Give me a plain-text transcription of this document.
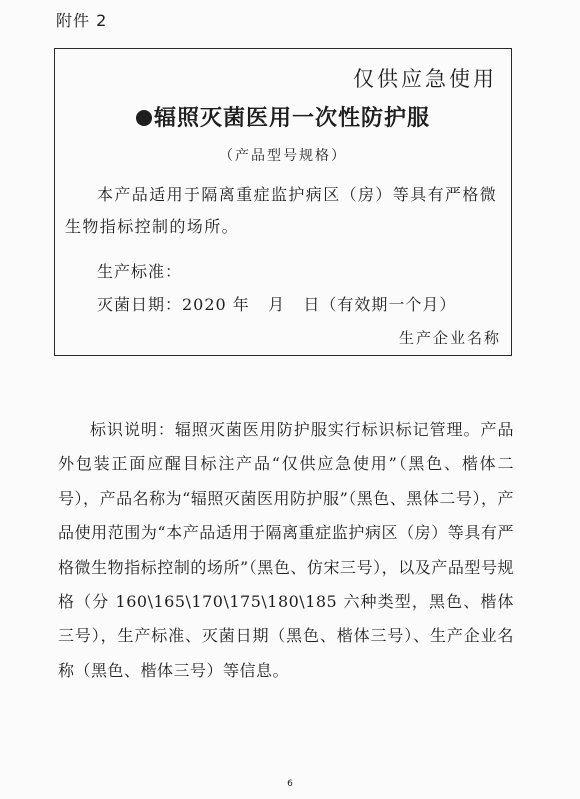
附件 2
仅供应急使用
辐照灭菌医用一次性防护服
（产品型号规格）

本产品适用于隔离重症监护病区（房）等具有严格微生物指标控制的场所。

生产标准：
灭菌日期：2020 年   月   日（有效期一个月）
生产企业名称

标识说明：辐照灭菌医用防护服实行标识标记管理。产品外包装正面应醒目标注产品“仅供应急使用”（黑色、楷体二号），产品名称为“辐照灭菌医用防护服”（黑色、黑体二号），产品使用范围为“本产品适用于隔离重症监护病区（房）等具有严格微生物指标控制的场所”（黑色、仿宋三号），以及产品型号规格（分 160\165\170\175\180\185 六种类型，黑色、楷体三号），生产标准、灭菌日期（黑色、楷体三号）、生产企业名称（黑色、楷体三号）等信息。

6
